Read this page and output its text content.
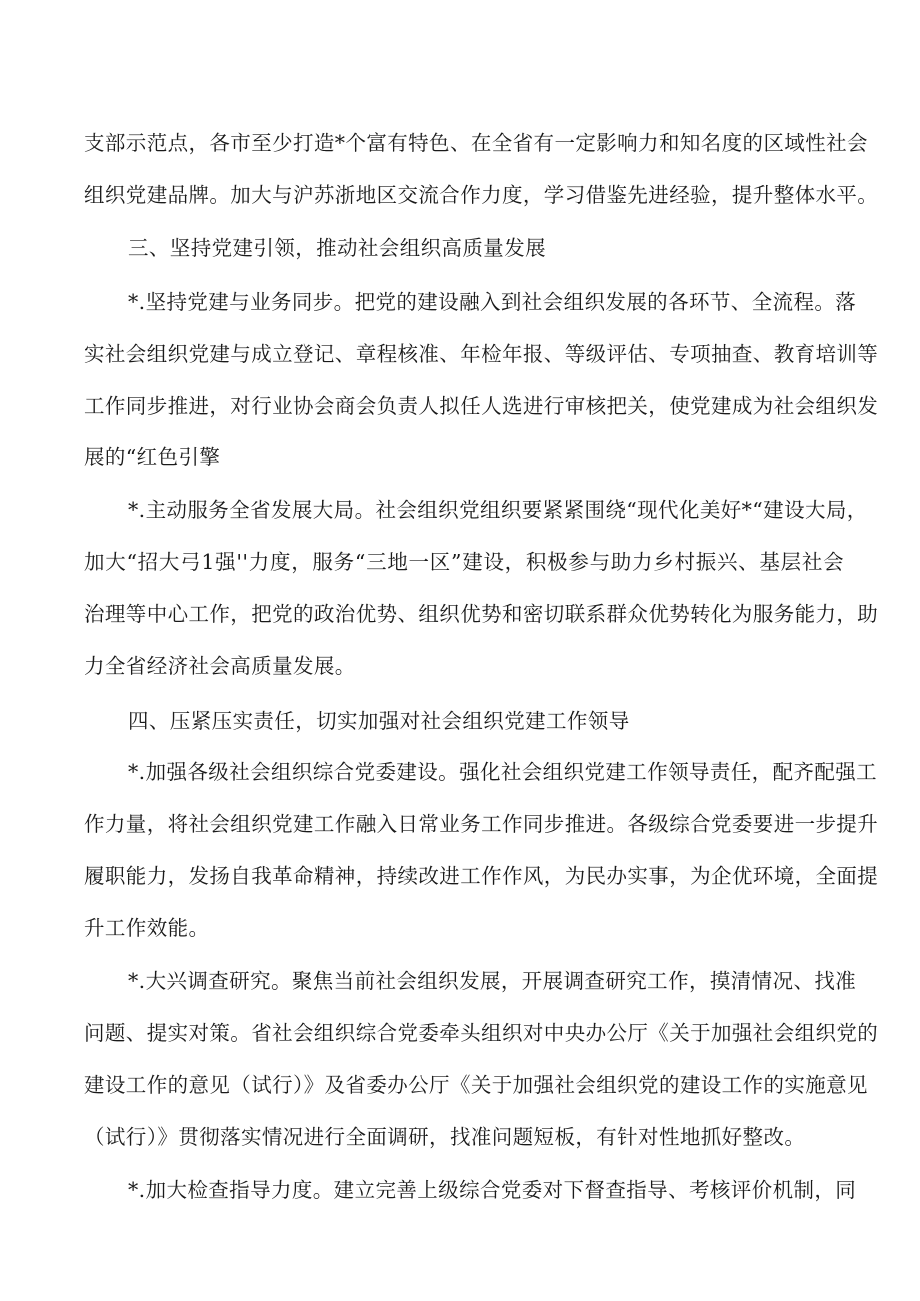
支部示范点，各市至少打造*个富有特色、在全省有一定影响力和知名度的区域性社会
组织党建品牌。加大与沪苏浙地区交流合作力度，学习借鉴先进经验，提升整体水平。
三、坚持党建引领，推动社会组织高质量发展
*.坚持党建与业务同步。把党的建设融入到社会组织发展的各环节、全流程。落
实社会组织党建与成立登记、章程核准、年检年报、等级评估、专项抽查、教育培训等
工作同步推进，对行业协会商会负责人拟任人选进行审核把关，使党建成为社会组织发
展的“红色引擎
*.主动服务全省发展大局。社会组织党组织要紧紧围绕“现代化美好*“建设大局，
加大“招大弓1强''力度，服务“三地一区”建设，积极参与助力乡村振兴、基层社会
治理等中心工作，把党的政治优势、组织优势和密切联系群众优势转化为服务能力，助
力全省经济社会高质量发展。
四、压紧压实责任，切实加强对社会组织党建工作领导
*.加强各级社会组织综合党委建设。强化社会组织党建工作领导责任，配齐配强工
作力量，将社会组织党建工作融入日常业务工作同步推进。各级综合党委要进一步提升
履职能力，发扬自我革命精神，持续改进工作作风，为民办实事，为企优环境，全面提
升工作效能。
*.大兴调查研究。聚焦当前社会组织发展，开展调查研究工作，摸清情况、找准
问题、提实对策。省社会组织综合党委牵头组织对中央办公厅《关于加强社会组织党的
建设工作的意见（试行）》及省委办公厅《关于加强社会组织党的建设工作的实施意见
（试行）》贯彻落实情况进行全面调研，找准问题短板，有针对性地抓好整改。
*.加大检查指导力度。建立完善上级综合党委对下督查指导、考核评价机制，同
